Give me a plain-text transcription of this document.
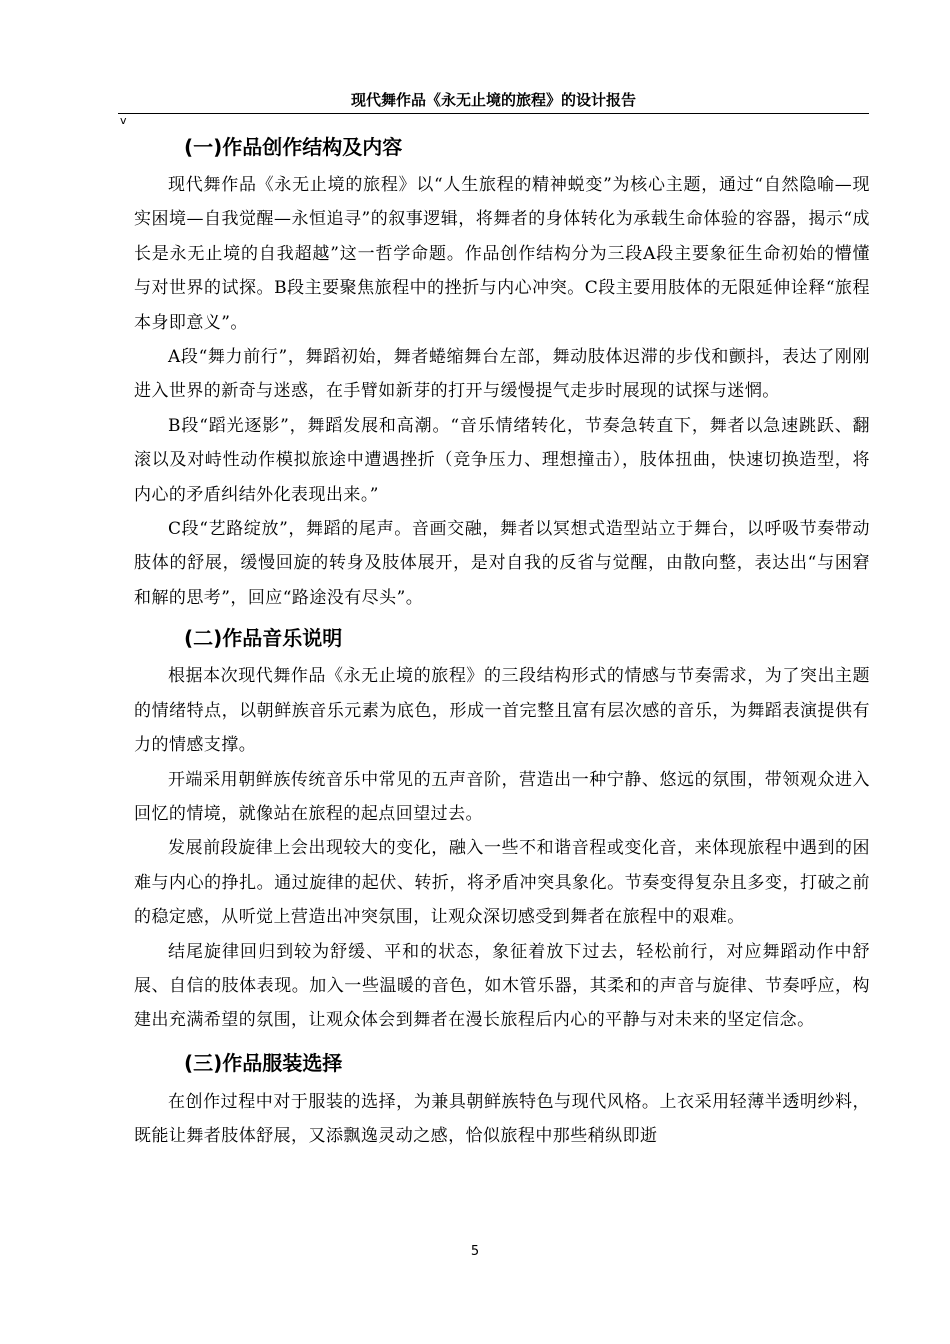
现代舞作品《永无止境的旅程》的设计报告
v
(一)作品创作结构及内容

现代舞作品《永无止境的旅程》以“人生旅程的精神蜕变”为核心主题，通过“自然隐喻—现实困境—自我觉醒—永恒追寻”的叙事逻辑，将舞者的身体转化为承载生命体验的容器，揭示“成长是永无止境的自我超越”这一哲学命题。作品创作结构分为三段A段主要象征生命初始的懵懂与对世界的试探。B段主要聚焦旅程中的挫折与内心冲突。C段主要用肢体的无限延伸诠释“旅程本身即意义”。

A段“舞力前行”，舞蹈初始，舞者蜷缩舞台左部，舞动肢体迟滞的步伐和颤抖，表达了刚刚进入世界的新奇与迷惑，在手臂如新芽的打开与缓慢提气走步时展现的试探与迷惘。

B段“蹈光逐影”，舞蹈发展和高潮。“音乐情绪转化，节奏急转直下，舞者以急速跳跃、翻滚以及对峙性动作模拟旅途中遭遇挫折（竞争压力、理想撞击），肢体扭曲，快速切换造型，将内心的矛盾纠结外化表现出来。”

C段“艺路绽放”，舞蹈的尾声。音画交融，舞者以冥想式造型站立于舞台，以呼吸节奏带动肢体的舒展，缓慢回旋的转身及肢体展开，是对自我的反省与觉醒，由散向整，表达出“与困窘和解的思考”，回应“路途没有尽头”。

(二)作品音乐说明

根据本次现代舞作品《永无止境的旅程》的三段结构形式的情感与节奏需求，为了突出主题的情绪特点，以朝鲜族音乐元素为底色，形成一首完整且富有层次感的音乐，为舞蹈表演提供有力的情感支撑。

开端采用朝鲜族传统音乐中常见的五声音阶，营造出一种宁静、悠远的氛围，带领观众进入回忆的情境，就像站在旅程的起点回望过去。

发展前段旋律上会出现较大的变化，融入一些不和谐音程或变化音，来体现旅程中遇到的困难与内心的挣扎。通过旋律的起伏、转折，将矛盾冲突具象化。节奏变得复杂且多变，打破之前的稳定感，从听觉上营造出冲突氛围，让观众深切感受到舞者在旅程中的艰难。

结尾旋律回归到较为舒缓、平和的状态，象征着放下过去，轻松前行，对应舞蹈动作中舒展、自信的肢体表现。加入一些温暖的音色，如木管乐器，其柔和的声音与旋律、节奏呼应，构建出充满希望的氛围，让观众体会到舞者在漫长旅程后内心的平静与对未来的坚定信念。

(三)作品服装选择

在创作过程中对于服装的选择，为兼具朝鲜族特色与现代风格。上衣采用轻薄半透明纱料，既能让舞者肢体舒展，又添飘逸灵动之感，恰似旅程中那些稍纵即逝

5
